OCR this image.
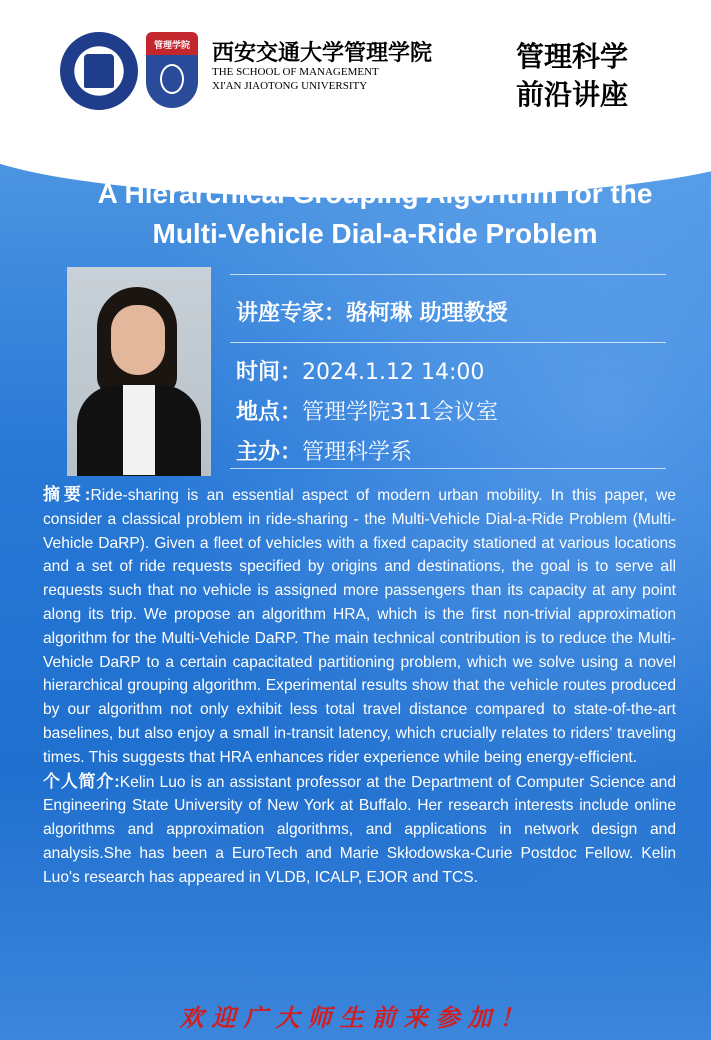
管理学院	西安交通大学管理学院
THE SCHOOL OF MANAGEMENT
XI'AN JIAOTONG UNIVERSITY
管理科学
前沿讲座
A Hierarchical Grouping Algorithm for the Multi-Vehicle Dial-a-Ride Problem
讲座专家：骆柯琳 助理教授
时间：2024.1.12 14:00
地点：管理学院311会议室
主办：管理科学系
摘要:Ride-sharing is an essential aspect of modern urban mobility. In this paper, we consider a classical problem in ride-sharing - the Multi-Vehicle Dial-a-Ride Problem (Multi-Vehicle DaRP). Given a fleet of vehicles with a fixed capacity stationed at various locations and a set of ride requests specified by origins and destinations, the goal is to serve all requests such that no vehicle is assigned more passengers than its capacity at any point along its trip. We propose an algorithm HRA, which is the first non-trivial approximation algorithm for the Multi-Vehicle DaRP. The main technical contribution is to reduce the Multi-Vehicle DaRP to a certain capacitated partitioning problem, which we solve using a novel hierarchical grouping algorithm. Experimental results show that the vehicle routes produced by our algorithm not only exhibit less total travel distance compared to state-of-the-art baselines, but also enjoy a small in-transit latency, which crucially relates to riders' traveling times. This suggests that HRA enhances rider experience while being energy-efficient.
个人简介:Kelin Luo is an assistant professor at the Department of Computer Science and Engineering State University of New York at Buffalo. Her research interests include online algorithms and approximation algorithms, and applications in network design and analysis.She has been a EuroTech and Marie Skłodowska-Curie Postdoc Fellow. Kelin Luo's research has appeared in VLDB, ICALP, EJOR and TCS.
欢迎广大师生前来参加！
